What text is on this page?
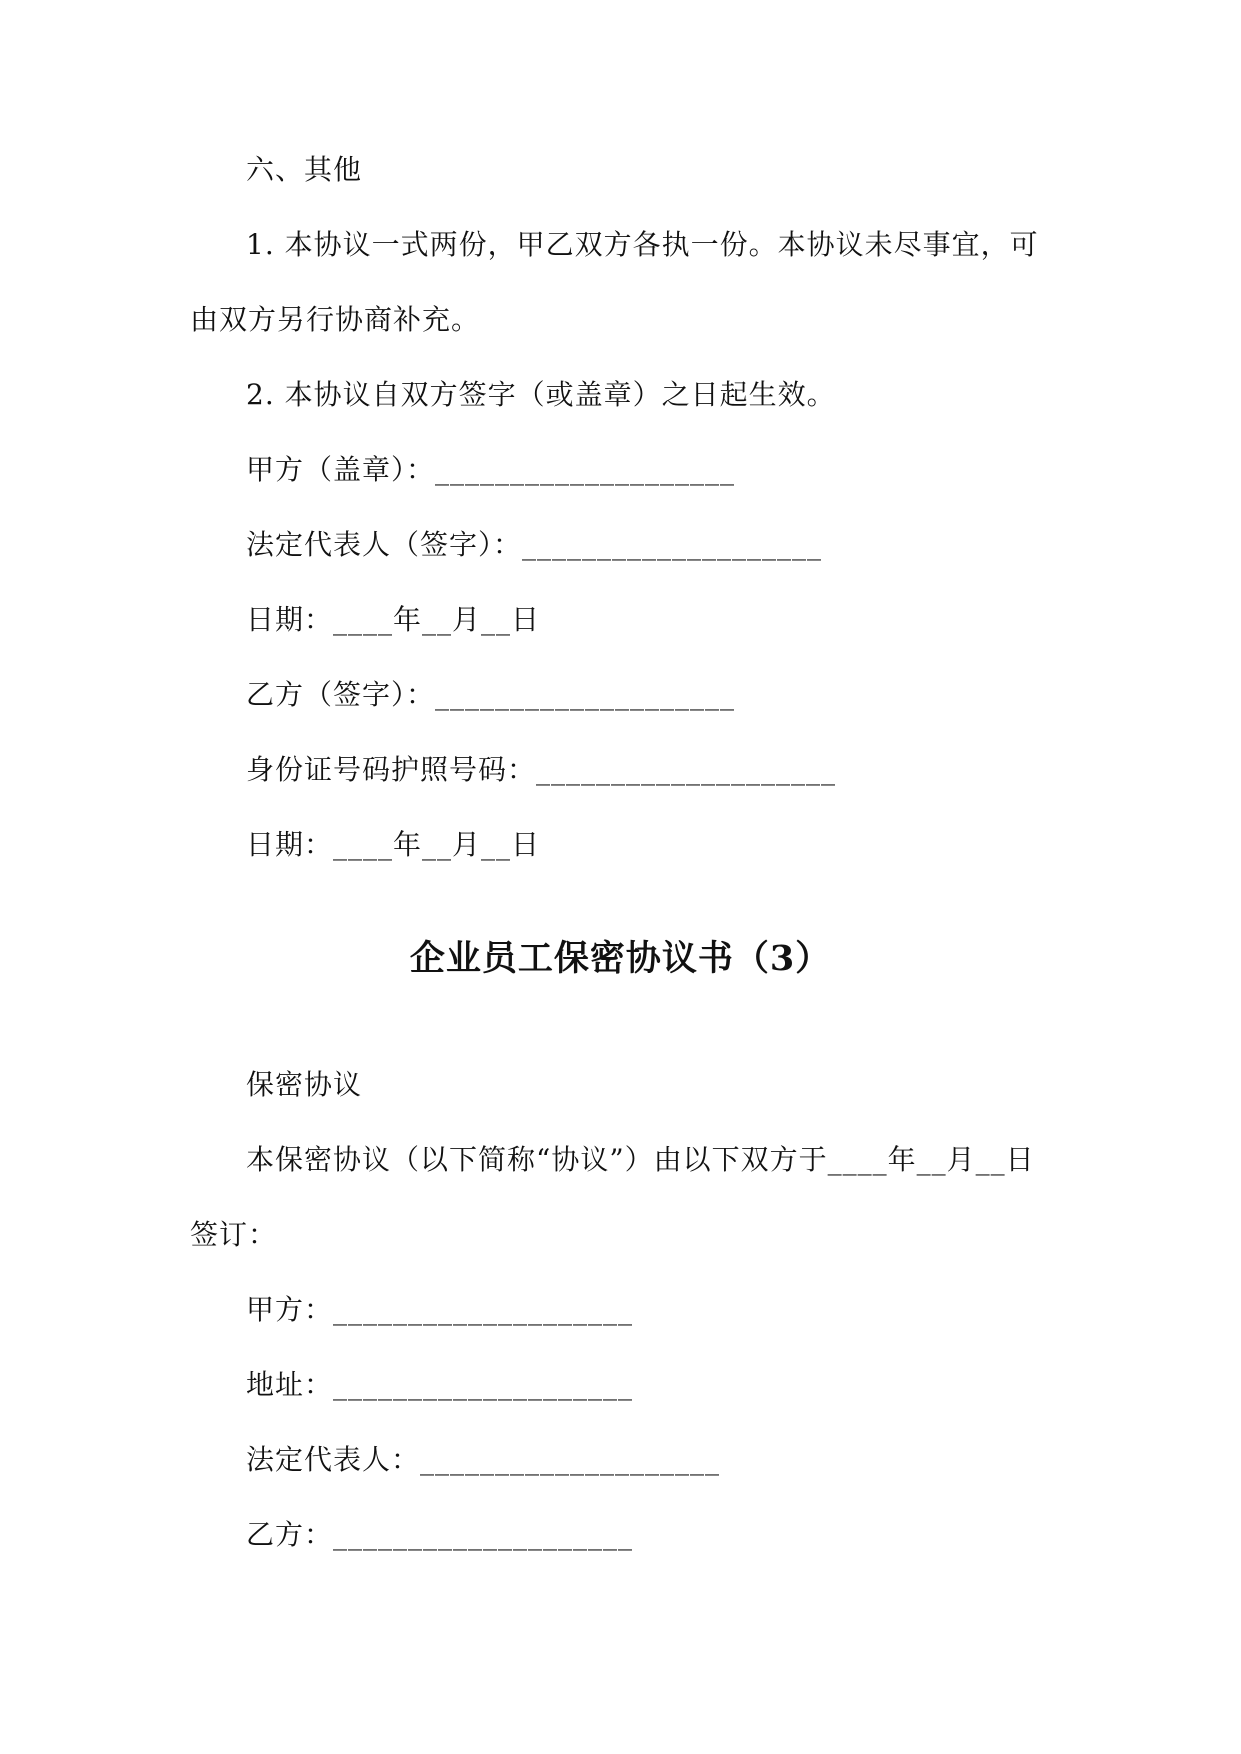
六、其他
1. 本协议一式两份，甲乙双方各执一份。本协议未尽事宜，可
由双方另行协商补充。
2. 本协议自双方签字（或盖章）之日起生效。
甲方（盖章）：____________________
法定代表人（签字）：____________________
日期：____年__月__日
乙方（签字）：____________________
身份证号码护照号码：____________________
日期：____年__月__日
企业员工保密协议书（3）
保密协议
本保密协议（以下简称“协议”）由以下双方于____年__月__日
签订：
甲方：____________________
地址：____________________
法定代表人：____________________
乙方：____________________
